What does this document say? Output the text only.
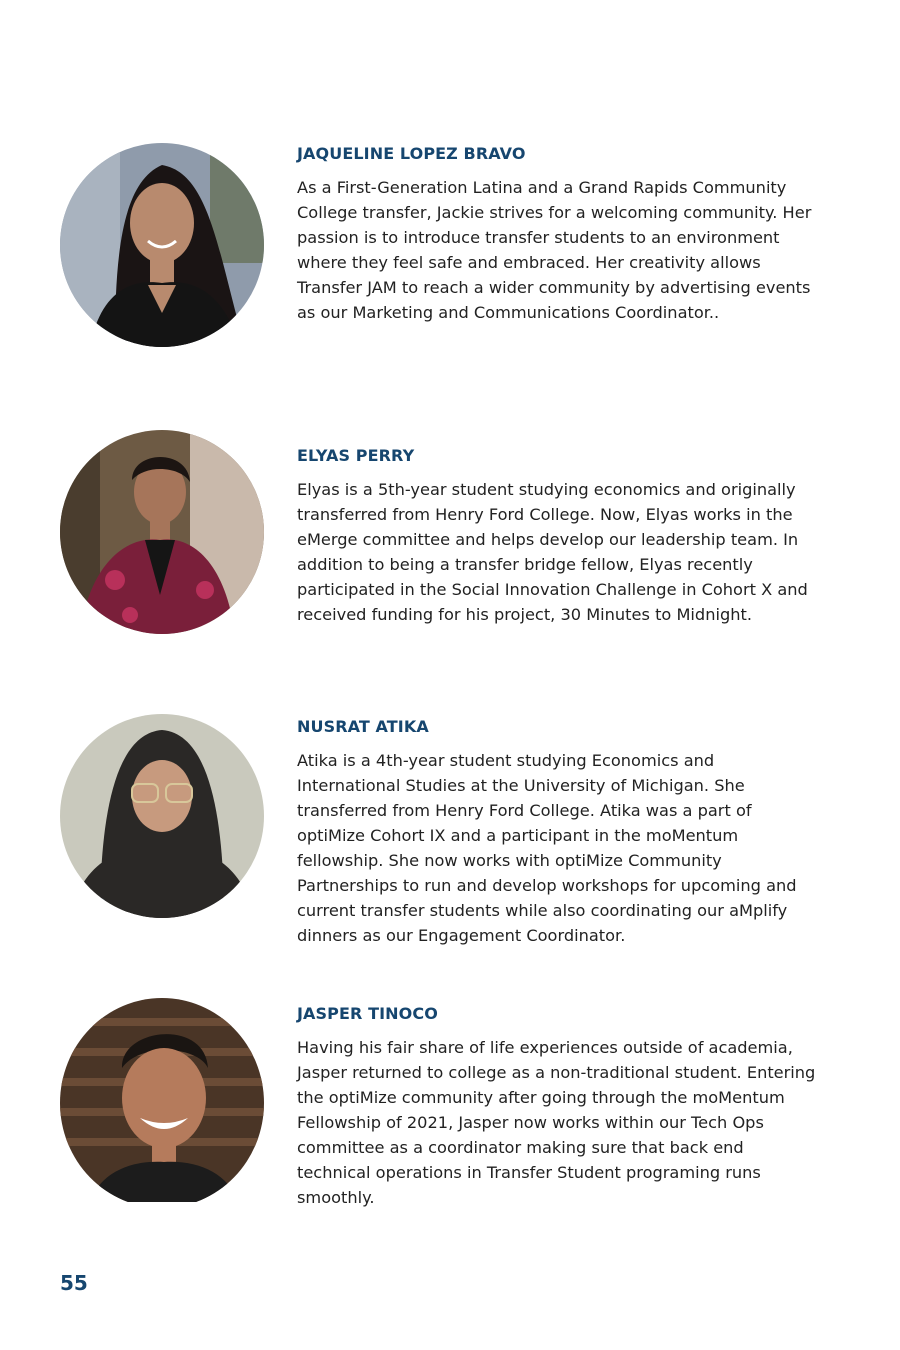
JAQUELINE LOPEZ BRAVO

As a First-Generation Latina and a Grand Rapids Community College transfer, Jackie strives for a welcoming community. Her passion is to introduce transfer students to an environment where they feel safe and embraced. Her creativity allows Transfer JAM to reach a wider community by advertising events as our Marketing and Communications Coordinator..

ELYAS PERRY

Elyas is a 5th-year student studying economics and originally transferred from Henry Ford College. Now, Elyas works in the eMerge committee and helps develop our leadership team. In addition to being a transfer bridge fellow, Elyas recently participated in the Social Innovation Challenge in Cohort X and received funding for his project, 30 Minutes to Midnight.

NUSRAT ATIKA

Atika is a 4th-year student studying Economics and International Studies at the University of Michigan. She transferred from Henry Ford College. Atika was a part of optiMize Cohort IX and a participant in the moMentum fellowship. She now works with optiMize Community Partnerships to run and develop workshops for upcoming and current transfer students while also coordinating our aMplify dinners as our Engagement Coordinator.

JASPER TINOCO

Having his fair share of life experiences outside of academia, Jasper returned to college as a non-traditional student. Entering the optiMize community after going through the moMentum Fellowship of 2021, Jasper now works within our Tech Ops committee as a coordinator making sure that back end technical operations in Transfer Student programing runs smoothly.

55
